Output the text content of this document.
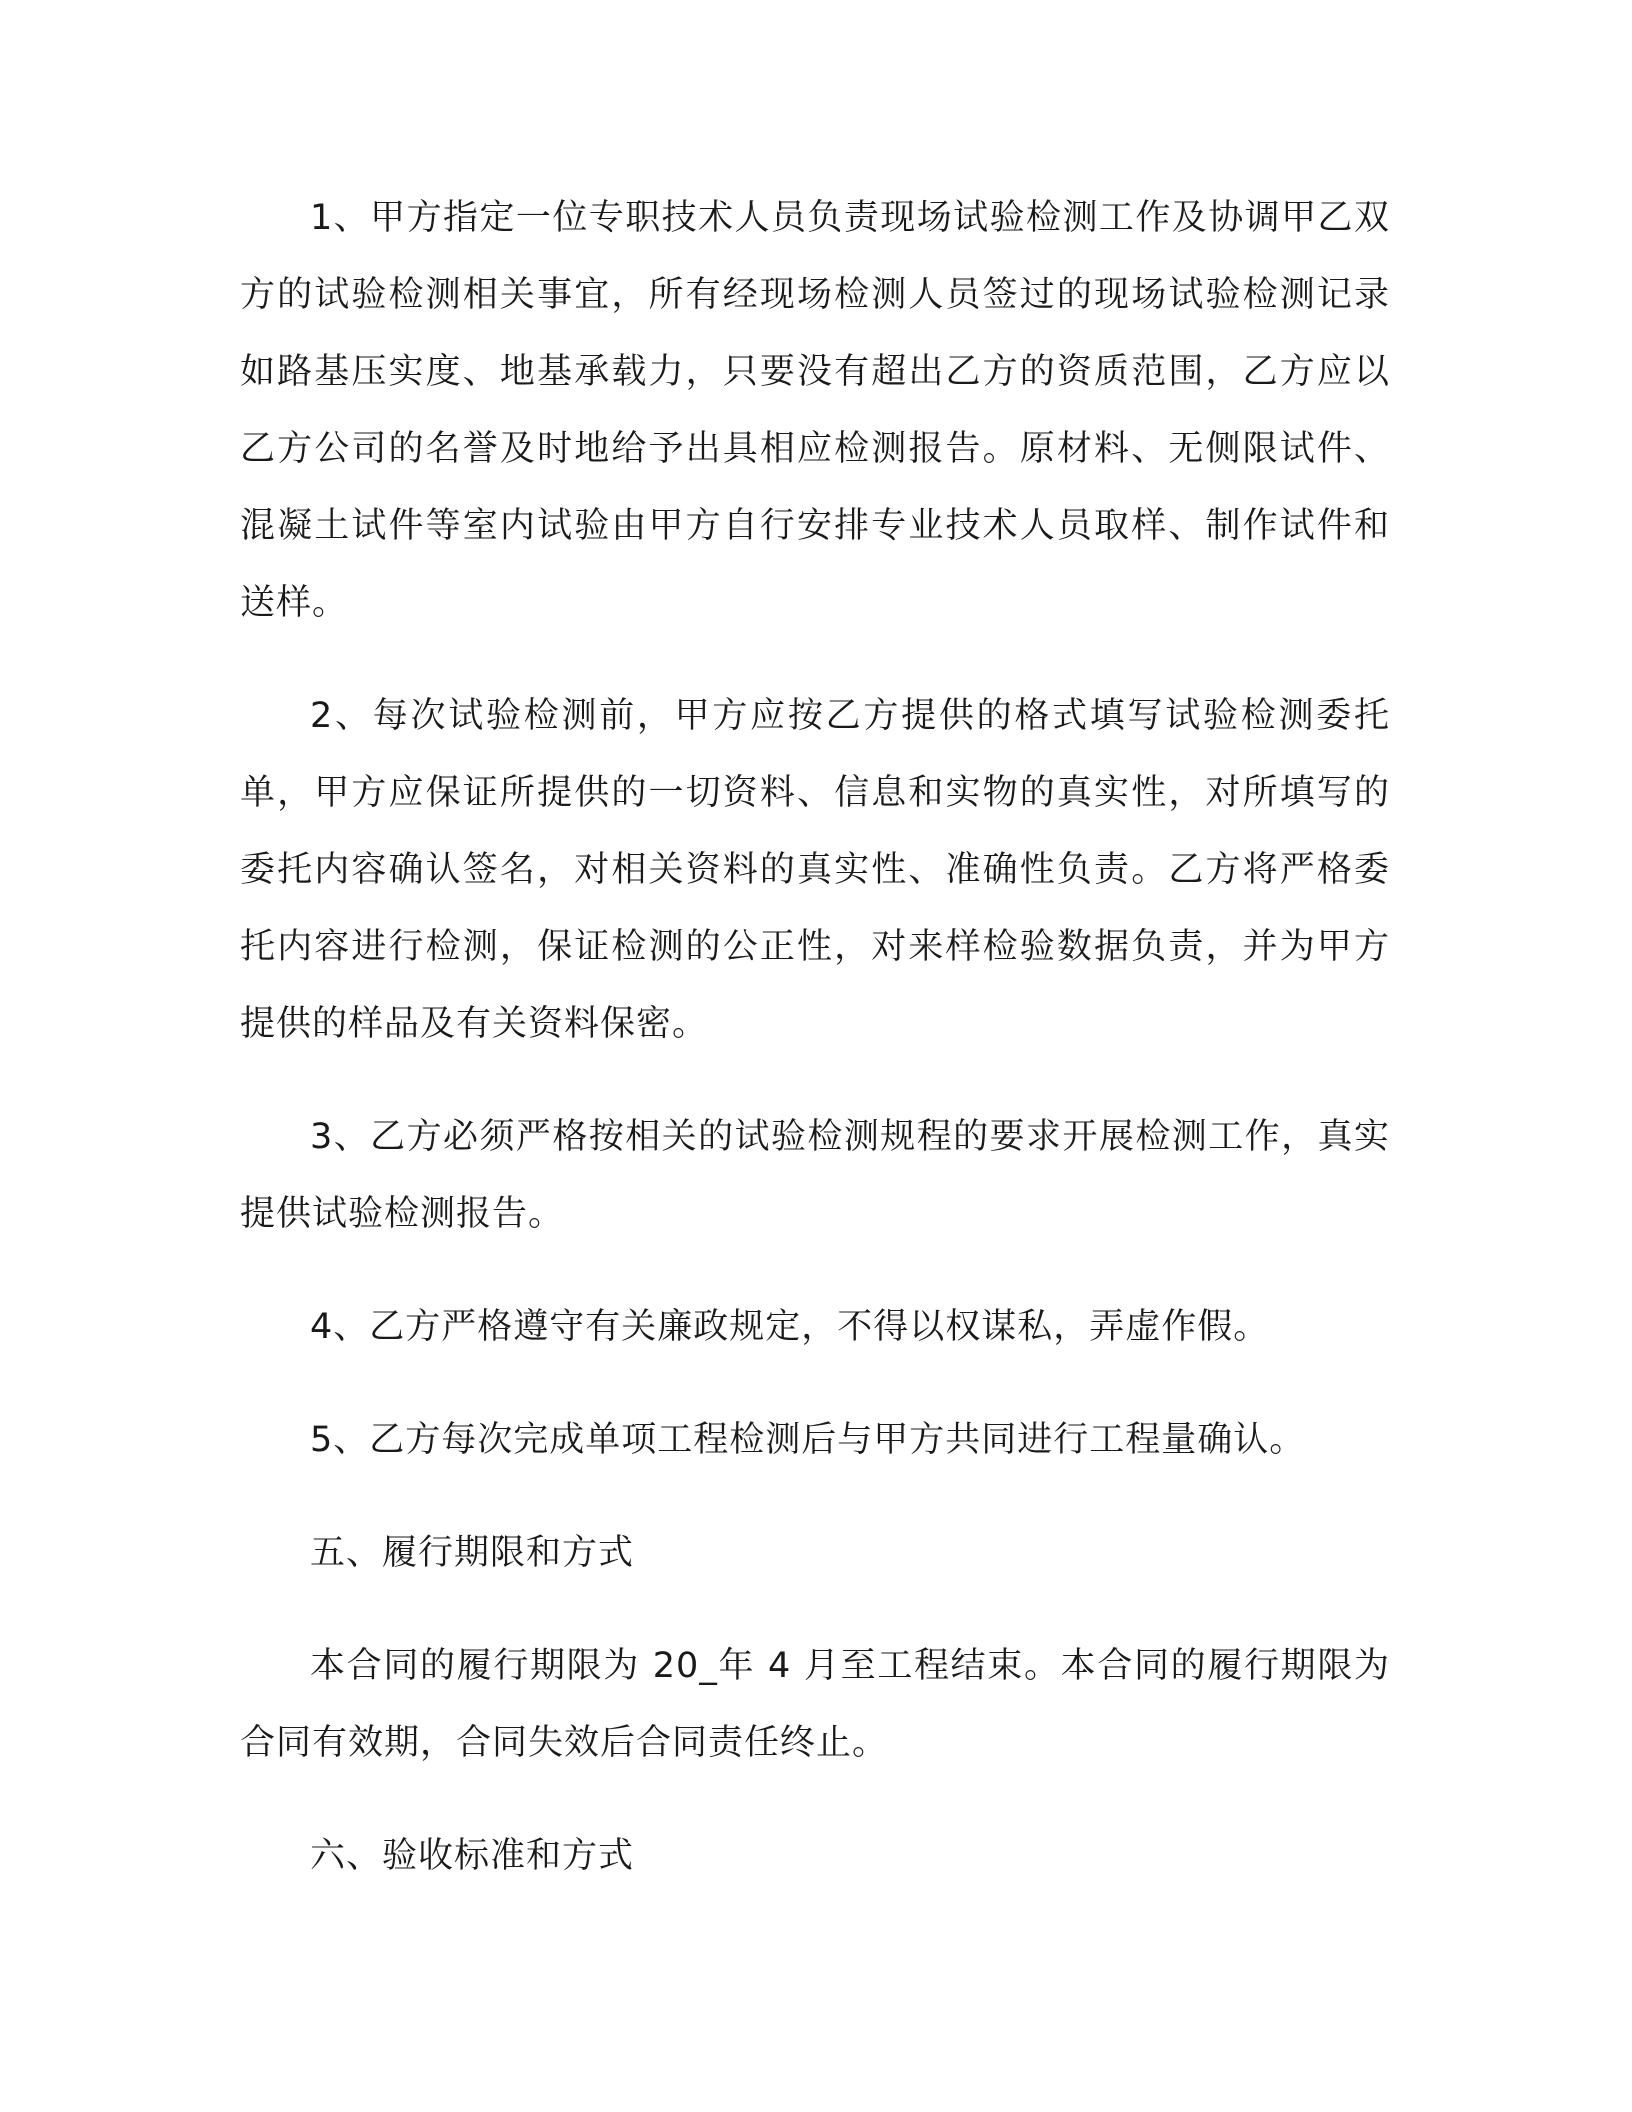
1、甲方指定一位专职技术人员负责现场试验检测工作及协调甲乙双方的试验检测相关事宜，所有经现场检测人员签过的现场试验检测记录如路基压实度、地基承载力，只要没有超出乙方的资质范围，乙方应以乙方公司的名誉及时地给予出具相应检测报告。原材料、无侧限试件、混凝土试件等室内试验由甲方自行安排专业技术人员取样、制作试件和送样。

2、每次试验检测前，甲方应按乙方提供的格式填写试验检测委托单，甲方应保证所提供的一切资料、信息和实物的真实性，对所填写的委托内容确认签名，对相关资料的真实性、准确性负责。乙方将严格委托内容进行检测，保证检测的公正性，对来样检验数据负责，并为甲方提供的样品及有关资料保密。

3、乙方必须严格按相关的试验检测规程的要求开展检测工作，真实提供试验检测报告。

4、乙方严格遵守有关廉政规定，不得以权谋私，弄虚作假。

5、乙方每次完成单项工程检测后与甲方共同进行工程量确认。

五、履行期限和方式

本合同的履行期限为 20_年 4 月至工程结束。本合同的履行期限为合同有效期，合同失效后合同责任终止。

六、验收标准和方式
